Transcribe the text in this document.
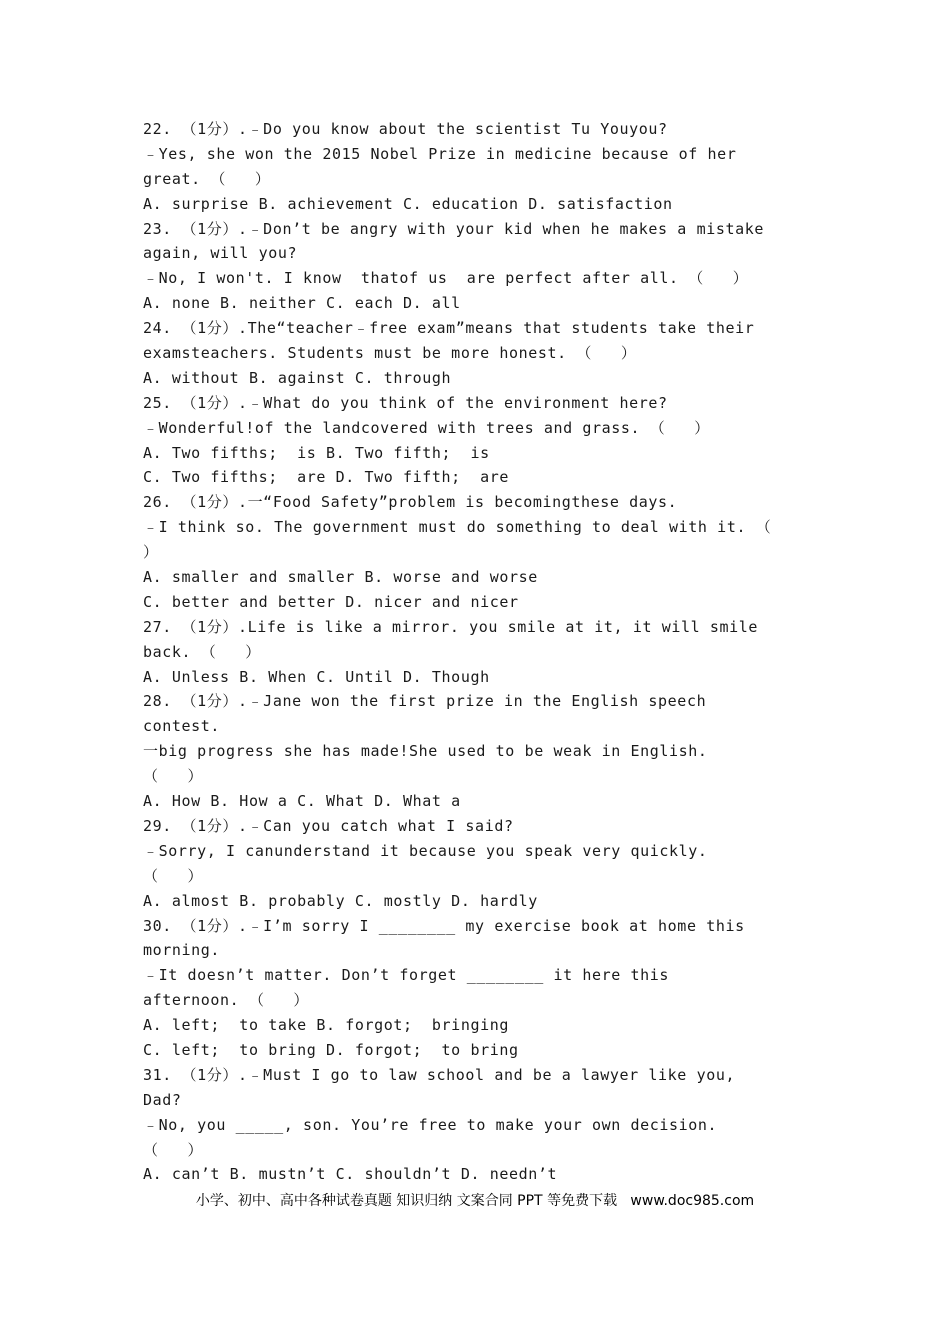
22. （1分）.﹣Do you know about the scientist Tu Youyou?
﹣Yes, she won the 2015 Nobel Prize in medicine because of her
great. （   ）
A. surprise B. achievement C. education D. satisfaction
23. （1分）.﹣Don’t be angry with your kid when he makes a mistake
again, will you?
﹣No, I won't. I know  thatof us  are perfect after all. （   ）
A. none B. neither C. each D. all
24. （1分）.The“teacher﹣free exam”means that students take their
examsteachers. Students must be more honest. （   ）
A. without B. against C. through
25. （1分）.﹣What do you think of the environment here?
﹣Wonderful!of the landcovered with trees and grass. （   ）
A. Two fifths;  is B. Two fifth;  is
C. Two fifths;  are D. Two fifth;  are
26. （1分）.一“Food Safety”problem is becomingthese days.
﹣I think so. The government must do something to deal with it. （
）
A. smaller and smaller B. worse and worse
C. better and better D. nicer and nicer
27. （1分）.Life is like a mirror. you smile at it, it will smile
back. （   ）
A. Unless B. When C. Until D. Though
28. （1分）.﹣Jane won the first prize in the English speech
contest.
一big progress she has made!She used to be weak in English.
（   ）
A. How B. How a C. What D. What a
29. （1分）.﹣Can you catch what I said?
﹣Sorry, I canunderstand it because you speak very quickly.
（   ）
A. almost B. probably C. mostly D. hardly
30. （1分）.﹣I’m sorry I ________ my exercise book at home this
morning.
﹣It doesn’t matter. Don’t forget ________ it here this
afternoon. （   ）
A. left;  to take B. forgot;  bringing
C. left;  to bring D. forgot;  to bring
31. （1分）.﹣Must I go to law school and be a lawyer like you,
Dad?
﹣No, you _____, son. You’re free to make your own decision.
（   ）
A. can’t B. mustn’t C. shouldn’t D. needn’t
小学、初中、高中各种试卷真题 知识归纳 文案合同 PPT 等免费下载   www.doc985.com
